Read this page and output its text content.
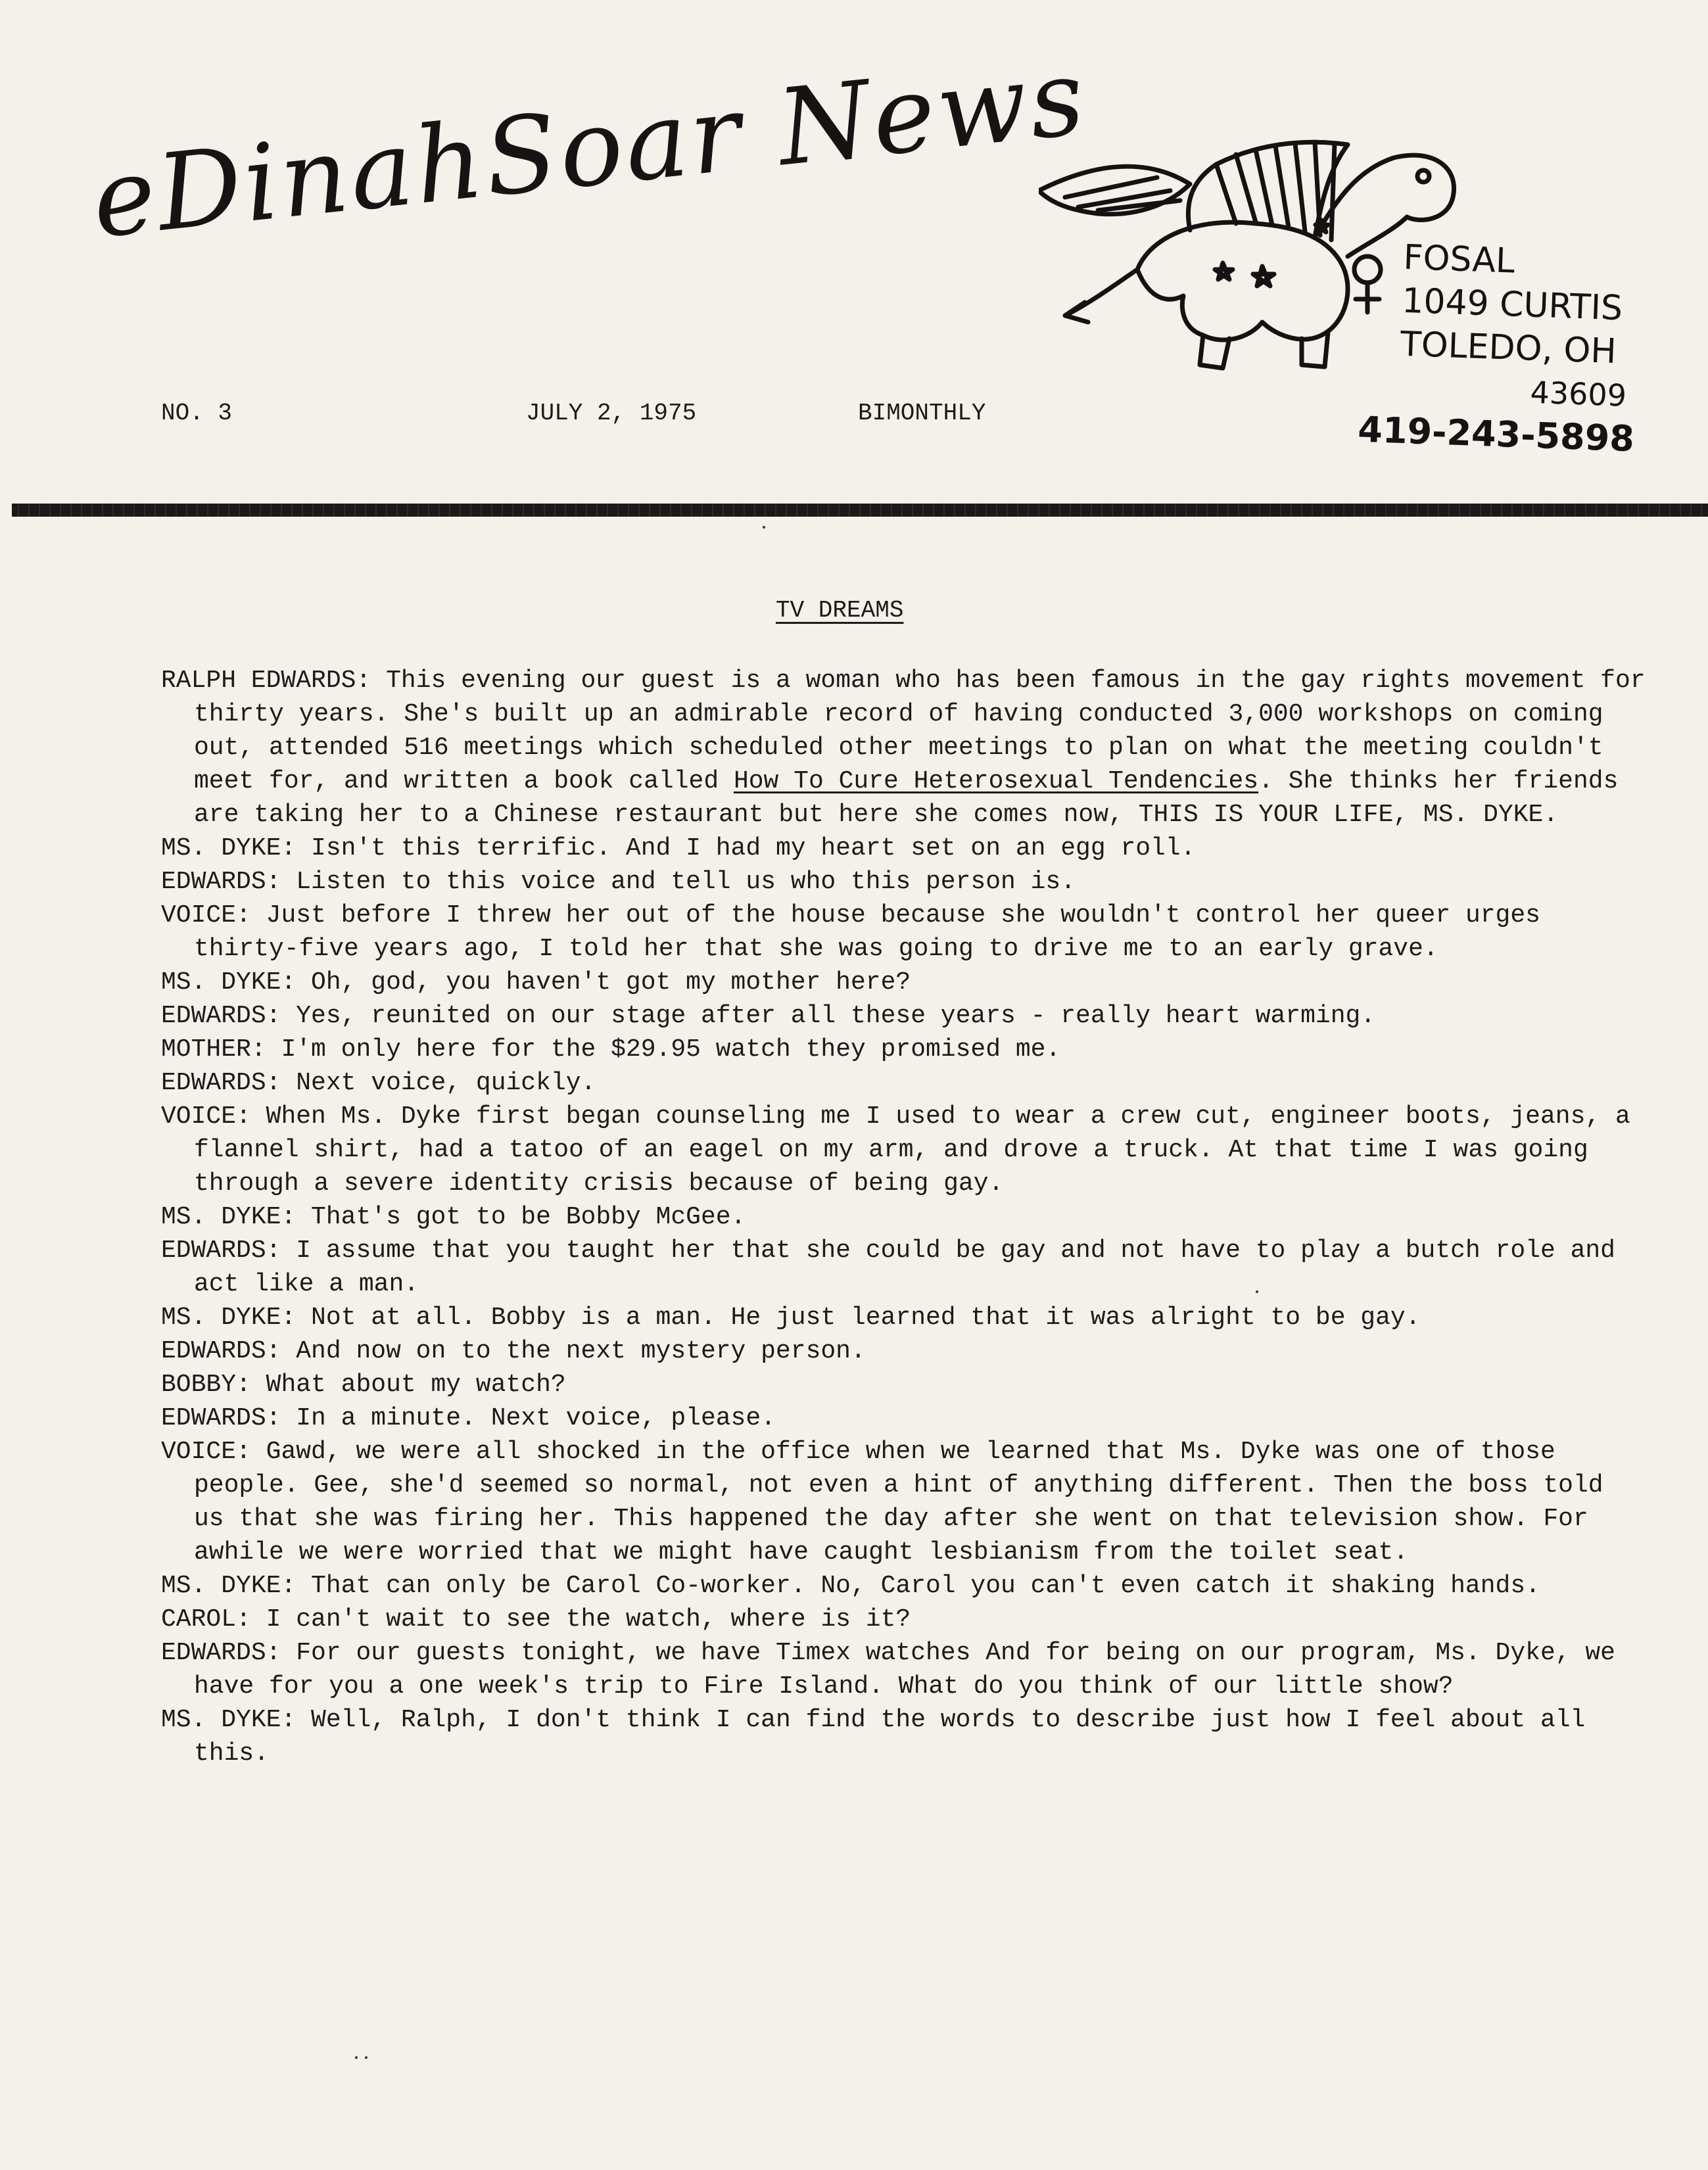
eDinahSoar News	FOSAL
1049 CURTIS
TOLEDO, OH
43609
419-243-5898
NO. 3	JULY 2, 1975	BIMONTHLY
TV DREAMS
RALPH EDWARDS: This evening our guest is a woman who has been famous in the gay rights movement for thirty years. She's built up an admirable record of having conducted 3,000 workshops on coming out, attended 516 meetings which scheduled other meetings to plan on what the meeting couldn't meet for, and written a book called How To Cure Heterosexual Tendencies. She thinks her friends are taking her to a Chinese restaurant but here she comes now, THIS IS YOUR LIFE, MS. DYKE.
MS. DYKE: Isn't this terrific. And I had my heart set on an egg roll.
EDWARDS: Listen to this voice and tell us who this person is.
VOICE: Just before I threw her out of the house because she wouldn't control her queer urges thirty-five years ago, I told her that she was going to drive me to an early grave.
MS. DYKE: Oh, god, you haven't got my mother here?
EDWARDS: Yes, reunited on our stage after all these years - really heart warming.
MOTHER: I'm only here for the $29.95 watch they promised me.
EDWARDS: Next voice, quickly.
VOICE: When Ms. Dyke first began counseling me I used to wear a crew cut, engineer boots, jeans, a flannel shirt, had a tatoo of an eagel on my arm, and drove a truck. At that time I was going through a severe identity crisis because of being gay.
MS. DYKE: That's got to be Bobby McGee.
EDWARDS: I assume that you taught her that she could be gay and not have to play a butch role and act like a man.
MS. DYKE: Not at all. Bobby is a man. He just learned that it was alright to be gay.
EDWARDS: And now on to the next mystery person.
BOBBY: What about my watch?
EDWARDS: In a minute. Next voice, please.
VOICE: Gawd, we were all shocked in the office when we learned that Ms. Dyke was one of those people. Gee, she'd seemed so normal, not even a hint of anything different. Then the boss told us that she was firing her. This happened the day after she went on that television show. For awhile we were worried that we might have caught lesbianism from the toilet seat.
MS. DYKE: That can only be Carol Co-worker. No, Carol you can't even catch it shaking hands.
CAROL: I can't wait to see the watch, where is it?
EDWARDS: For our guests tonight, we have Timex watches And for being on our program, Ms. Dyke, we have for you a one week's trip to Fire Island. What do you think of our little show?
MS. DYKE: Well, Ralph, I don't think I can find the words to describe just how I feel about all this.
